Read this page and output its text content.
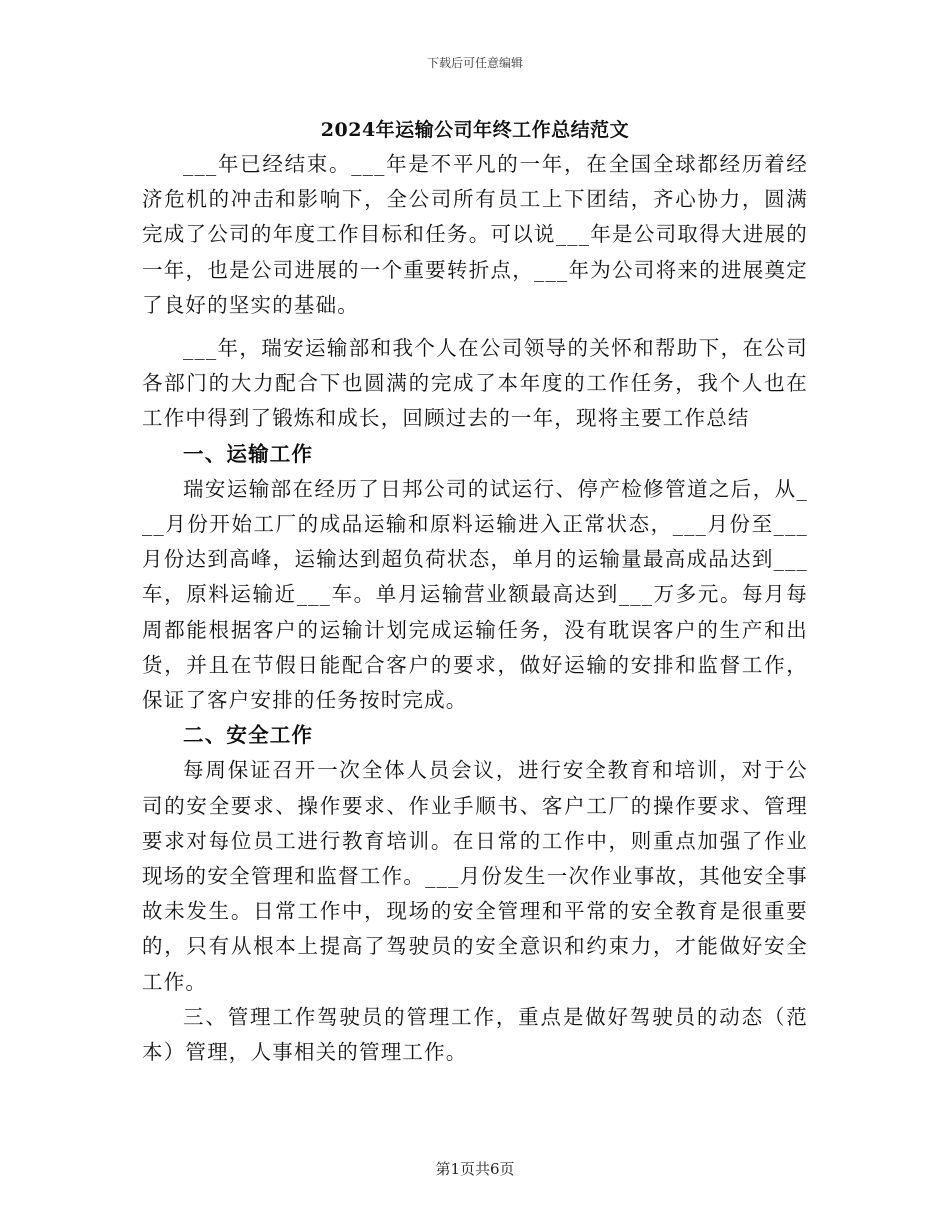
下载后可任意编辑
2024年运输公司年终工作总结范文

___年已经结束。___年是不平凡的一年，在全国全球都经历着经济危机的冲击和影响下，全公司所有员工上下团结，齐心协力，圆满完成了公司的年度工作目标和任务。可以说___年是公司取得大进展的一年，也是公司进展的一个重要转折点，___年为公司将来的进展奠定了良好的坚实的基础。

___年，瑞安运输部和我个人在公司领导的关怀和帮助下，在公司各部门的大力配合下也圆满的完成了本年度的工作任务，我个人也在工作中得到了锻炼和成长，回顾过去的一年，现将主要工作总结

一、运输工作

瑞安运输部在经历了日邦公司的试运行、停产检修管道之后，从___月份开始工厂的成品运输和原料运输进入正常状态，___月份至___月份达到高峰，运输达到超负荷状态，单月的运输量最高成品达到___车，原料运输近___车。单月运输营业额最高达到___万多元。每月每周都能根据客户的运输计划完成运输任务，没有耽误客户的生产和出货，并且在节假日能配合客户的要求，做好运输的安排和监督工作，保证了客户安排的任务按时完成。

二、安全工作

每周保证召开一次全体人员会议，进行安全教育和培训，对于公司的安全要求、操作要求、作业手顺书、客户工厂的操作要求、管理要求对每位员工进行教育培训。在日常的工作中，则重点加强了作业现场的安全管理和监督工作。___月份发生一次作业事故，其他安全事故未发生。日常工作中，现场的安全管理和平常的安全教育是很重要的，只有从根本上提高了驾驶员的安全意识和约束力，才能做好安全工作。

三、管理工作驾驶员的管理工作，重点是做好驾驶员的动态（范本）管理，人事相关的管理工作。

第1页共6页
